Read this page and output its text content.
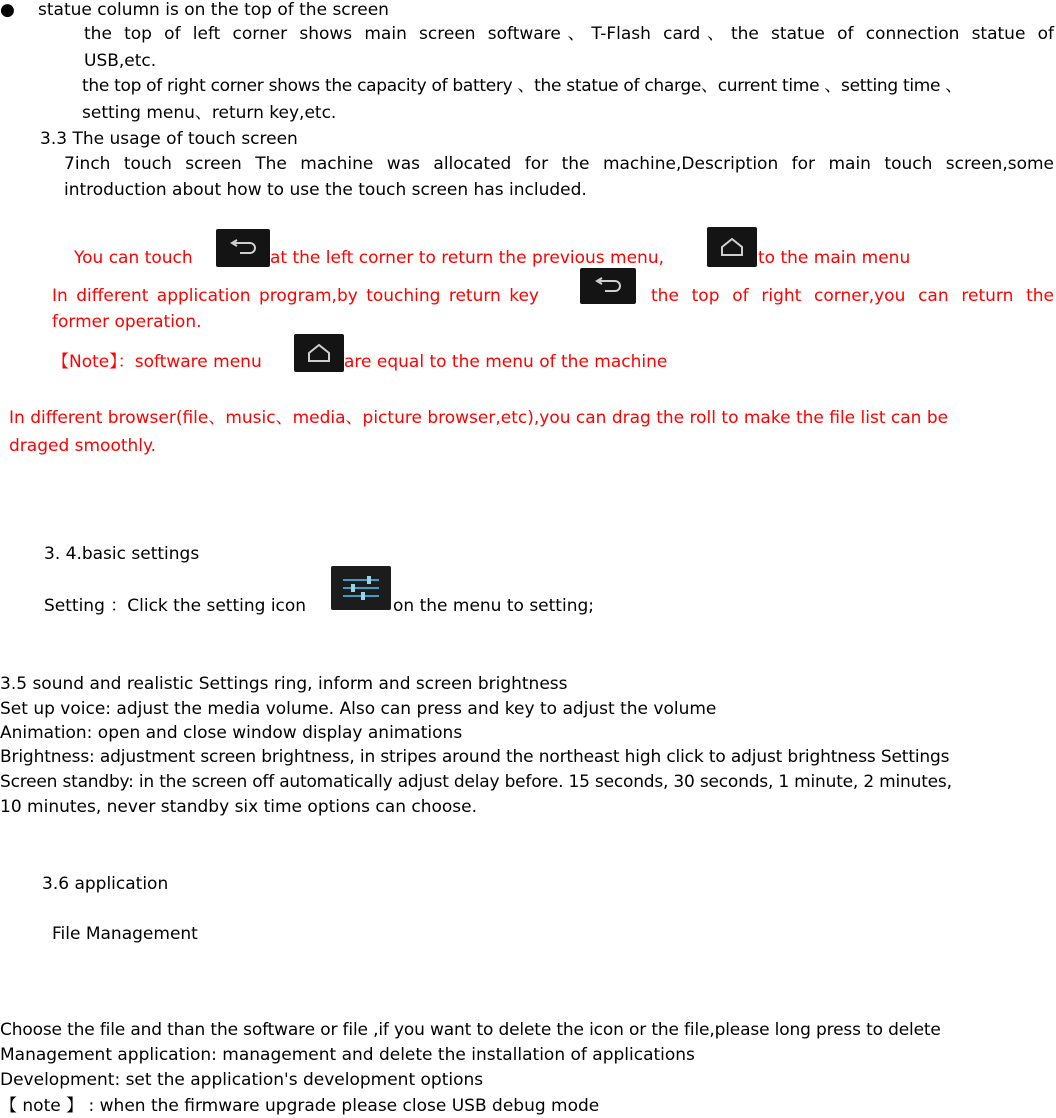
● statue column is on the top of the screen
the top of left corner shows main screen software、T-Flash card、the statue of connection statue of
USB,etc.
the top of right corner shows the capacity of battery 、the statue of charge、current time 、setting time 、
setting menu、return key,etc.
3.3 The usage of touch screen
7inch touch screen The machine was allocated for the machine,Description for main touch screen,some
introduction about how to use the touch screen has included.
You can touch	at the left corner to return the previous menu,	to the main menu
In different application program,by touching return key	the top of right corner,you can return the
former operation.
【Note】：software menu	are equal to the menu of the machine
In different browser(file、music、media、picture browser,etc),you can drag the roll to make the file list can be
draged smoothly.
3. 4.basic settings
Setting ：Click the setting icon	on the menu to setting;
3.5 sound and realistic Settings ring, inform and screen brightness
Set up voice: adjust the media volume. Also can press and key to adjust the volume
Animation: open and close window display animations
Brightness: adjustment screen brightness, in stripes around the northeast high click to adjust brightness Settings
Screen standby: in the screen off automatically adjust delay before. 15 seconds, 30 seconds, 1 minute, 2 minutes,
10 minutes, never standby six time options can choose.
3.6 application
File Management
Choose the file and than the software or file ,if you want to delete the icon or the file,please long press to delete
Management application: management and delete the installation of applications
Development: set the application's development options
【 note 】 : when the firmware upgrade please close USB debug mode
